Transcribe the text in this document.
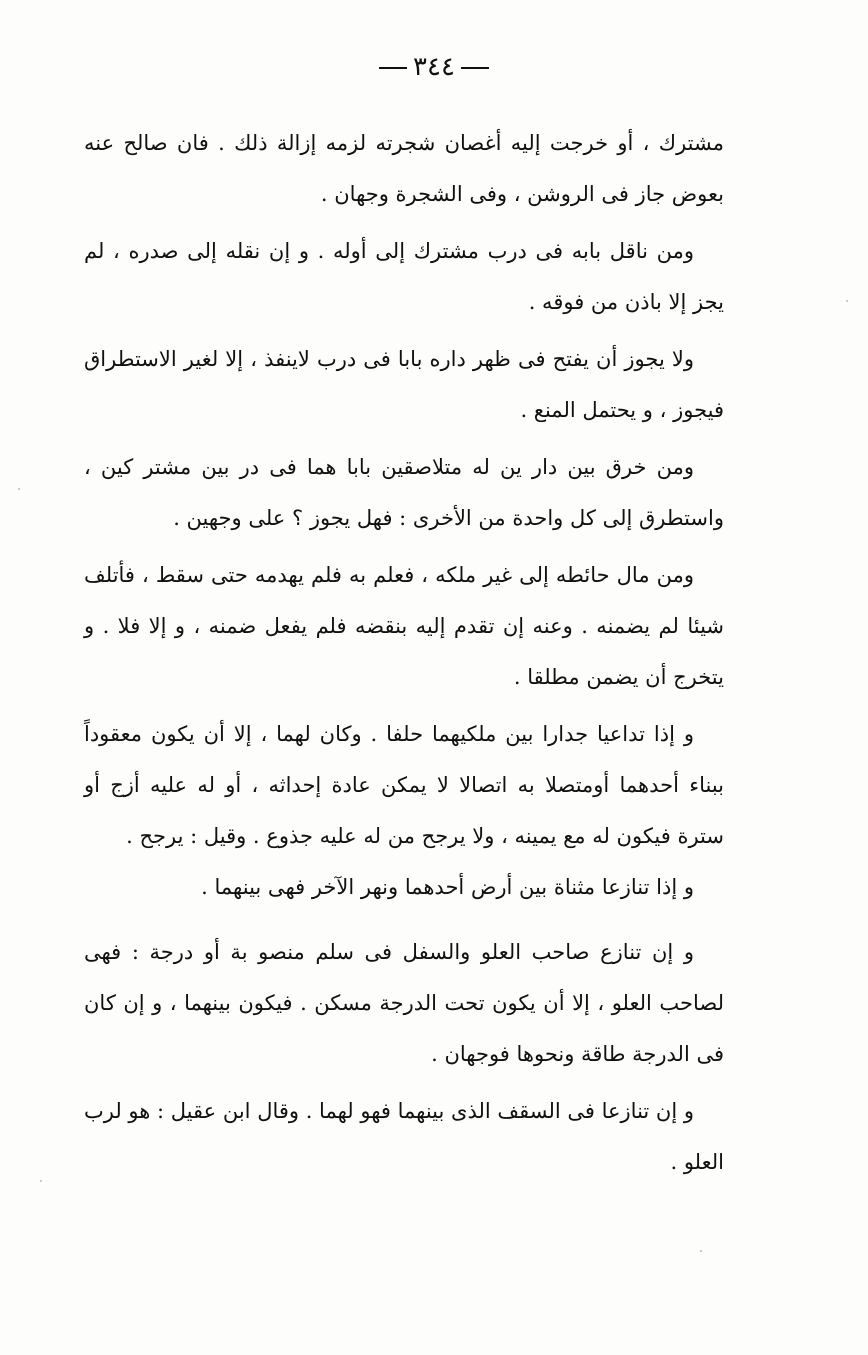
٣٤٤

مشترك ، أو خرجت إليه أغصان شجرته لزمه إزالة ذلك . فان صالح عنه بعوض جاز فى الروشن ، وفى الشجرة وجهان .

ومن ناقل بابه فى درب مشترك إلى أوله . و إن نقله إلى صدره ، لم يجز إلا باذن من فوقه .

ولا يجوز أن يفتح فى ظهر داره بابا فى درب لاينفذ ، إلا لغير الاستطراق فيجوز ، و يحتمل المنع .

ومن خرق بين دار ين له متلاصقين بابا هما فى در بين مشتر كين ، واستطرق إلى كل واحدة من الأخرى : فهل يجوز ؟ على وجهين .

ومن مال حائطه إلى غير ملكه ، فعلم به فلم يهدمه حتى سقط ، فأتلف شيئا لم يضمنه . وعنه إن تقدم إليه بنقضه فلم يفعل ضمنه ، و إلا فلا . و يتخرج أن يضمن مطلقا .

و إذا تداعيا جدارا بين ملكيهما حلفا . وكان لهما ، إلا أن يكون معقوداً ببناء أحدهما أومتصلا به اتصالا لا يمكن عادة إحداثه ، أو له عليه أزج أو سترة فيكون له مع يمينه ، ولا يرجح من له عليه جذوع . وقيل : يرجح .

و إذا تنازعا مثناة بين أرض أحدهما ونهر الآخر فهى بينهما .

و إن تنازع صاحب العلو والسفل فى سلم منصو بة أو درجة : فهى لصاحب العلو ، إلا أن يكون تحت الدرجة مسكن . فيكون بينهما ، و إن كان فى الدرجة طاقة ونحوها فوجهان .

و إن تنازعا فى السقف الذى بينهما فهو لهما . وقال ابن عقيل : هو لرب العلو .
